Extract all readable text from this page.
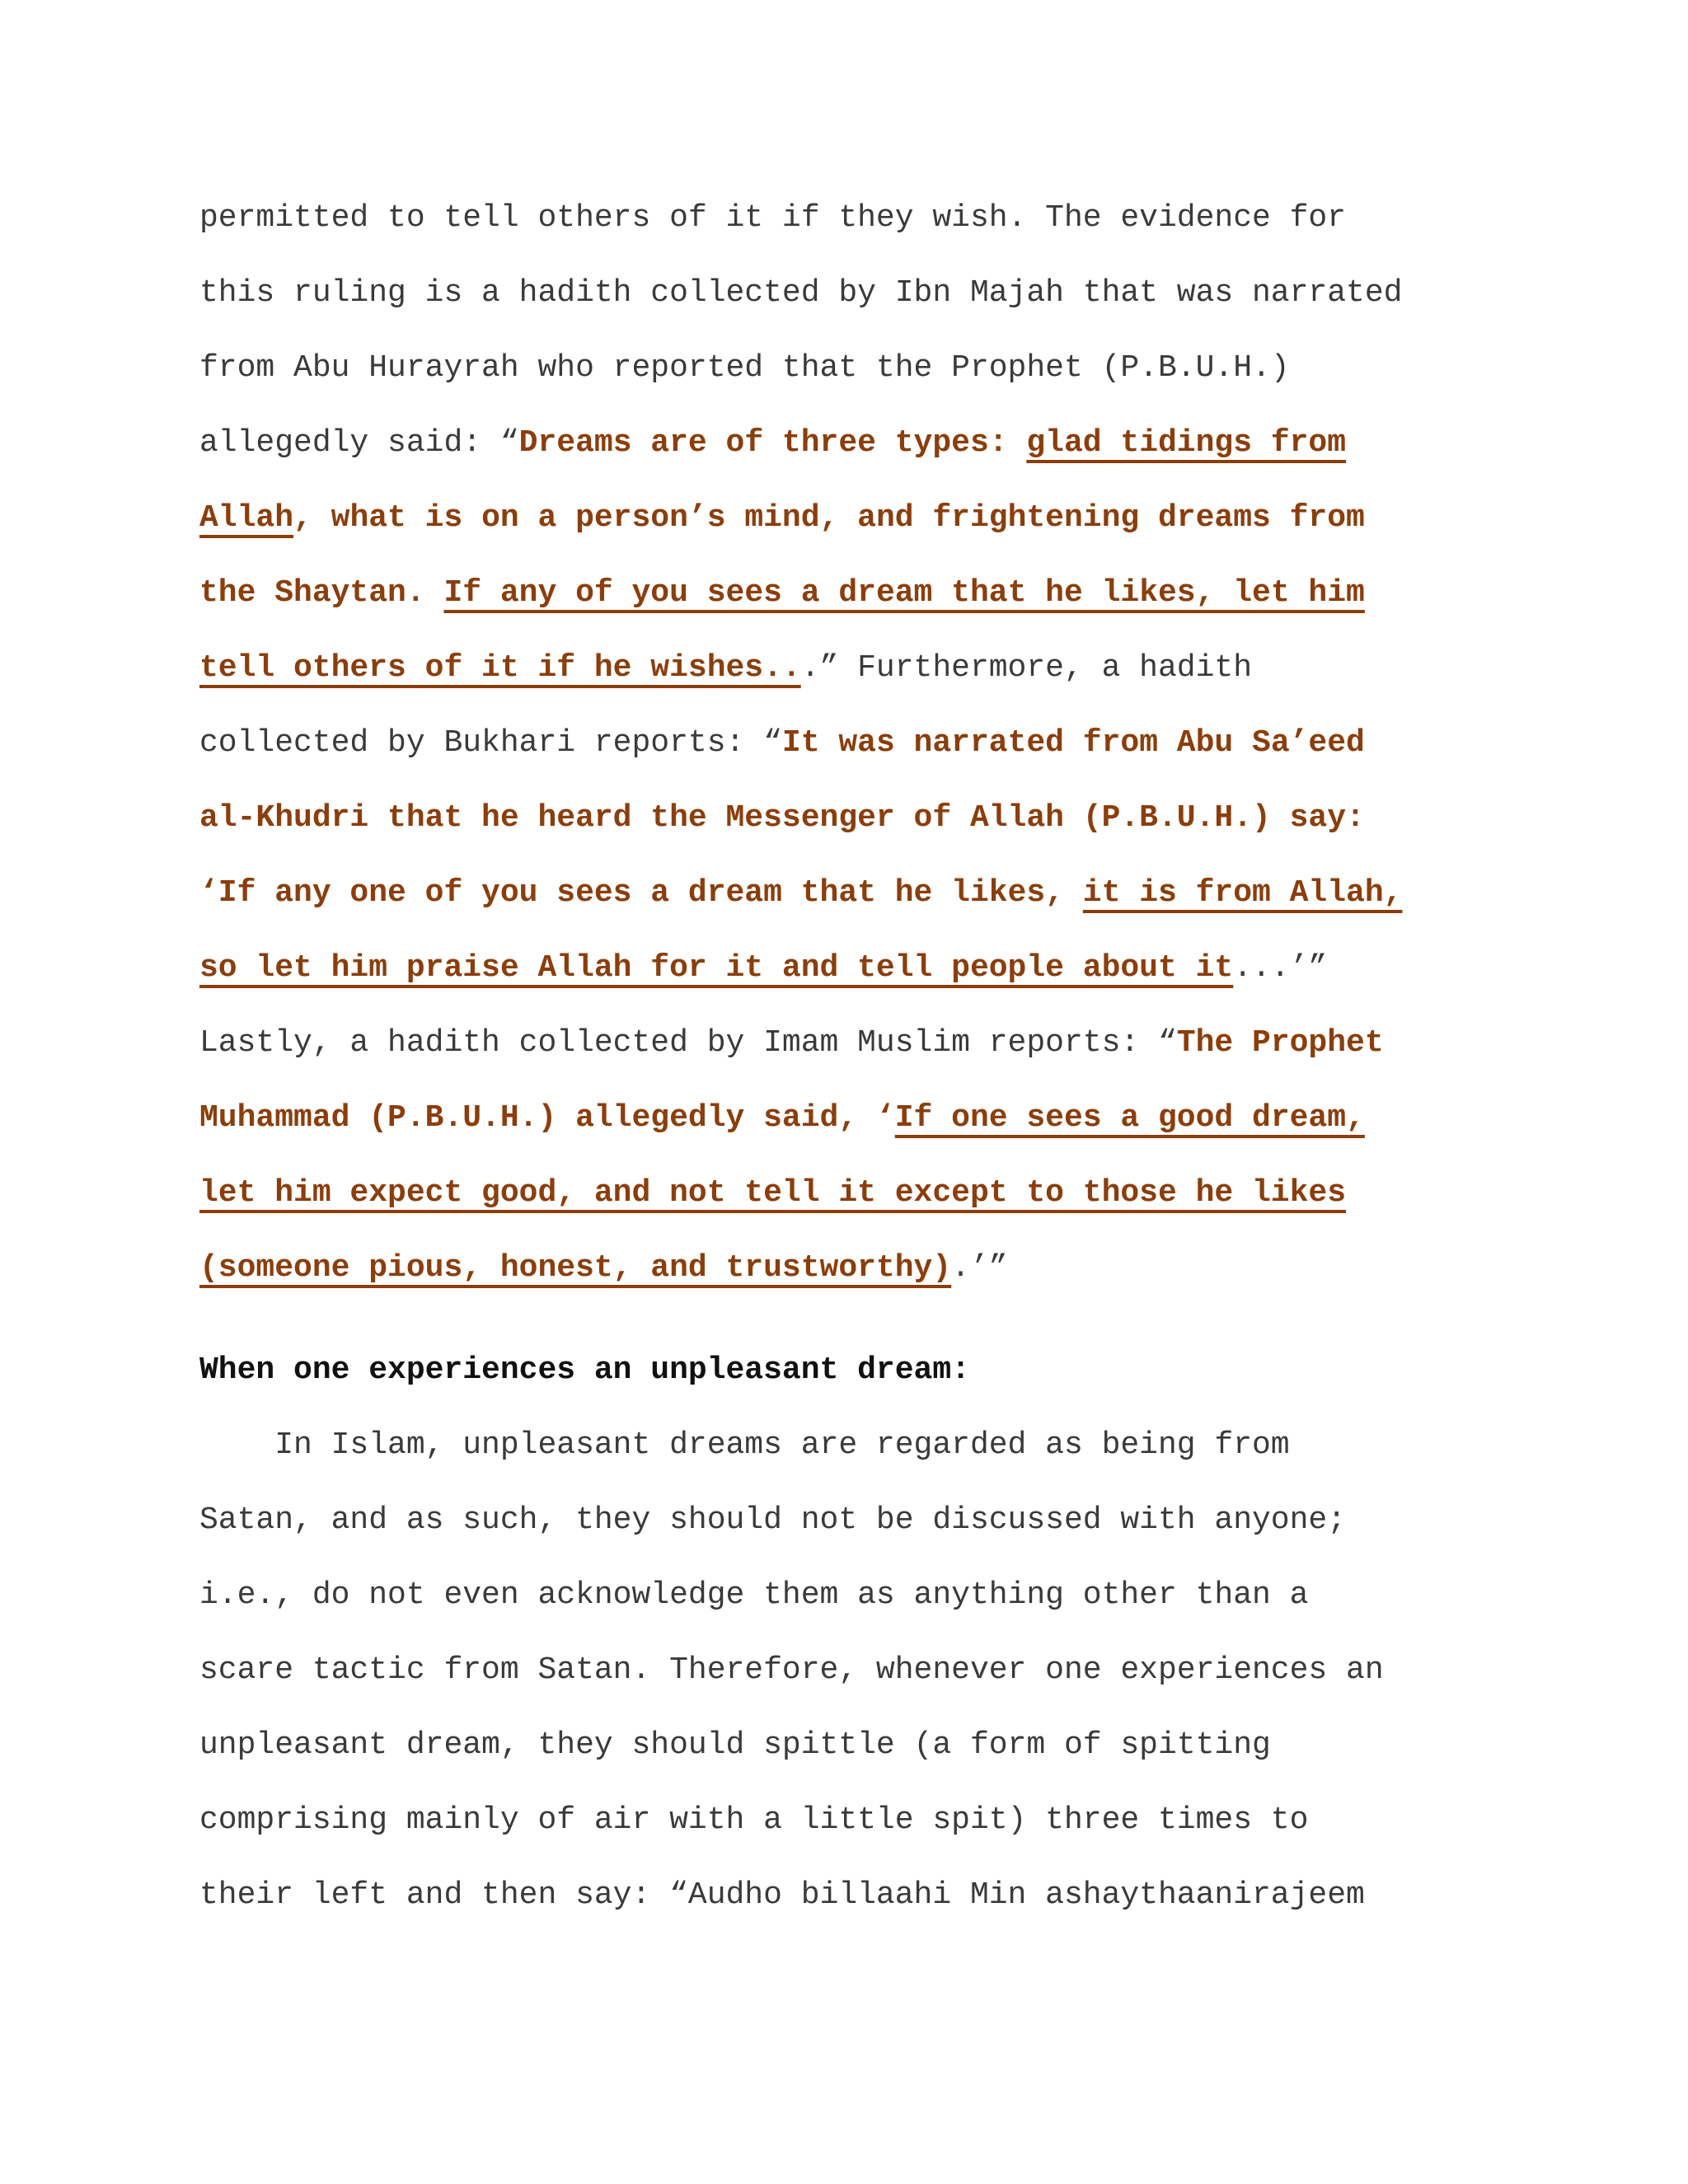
permitted to tell others of it if they wish. The evidence for
this ruling is a hadith collected by Ibn Majah that was narrated
from Abu Hurayrah who reported that the Prophet (P.B.U.H.)
allegedly said: “Dreams are of three types: glad tidings from
Allah, what is on a person’s mind, and frightening dreams from
the Shaytan. If any of you sees a dream that he likes, let him
tell others of it if he wishes...” Furthermore, a hadith
collected by Bukhari reports: “It was narrated from Abu Sa’eed
al-Khudri that he heard the Messenger of Allah (P.B.U.H.) say:
‘If any one of you sees a dream that he likes, it is from Allah,
so let him praise Allah for it and tell people about it...’”
Lastly, a hadith collected by Imam Muslim reports: “The Prophet
Muhammad (P.B.U.H.) allegedly said, ‘If one sees a good dream,
let him expect good, and not tell it except to those he likes
(someone pious, honest, and trustworthy).’”
When one experiences an unpleasant dream:
In Islam, unpleasant dreams are regarded as being from
Satan, and as such, they should not be discussed with anyone;
i.e., do not even acknowledge them as anything other than a
scare tactic from Satan. Therefore, whenever one experiences an
unpleasant dream, they should spittle (a form of spitting
comprising mainly of air with a little spit) three times to
their left and then say: “Audho billaahi Min ashaythaanirajeem
